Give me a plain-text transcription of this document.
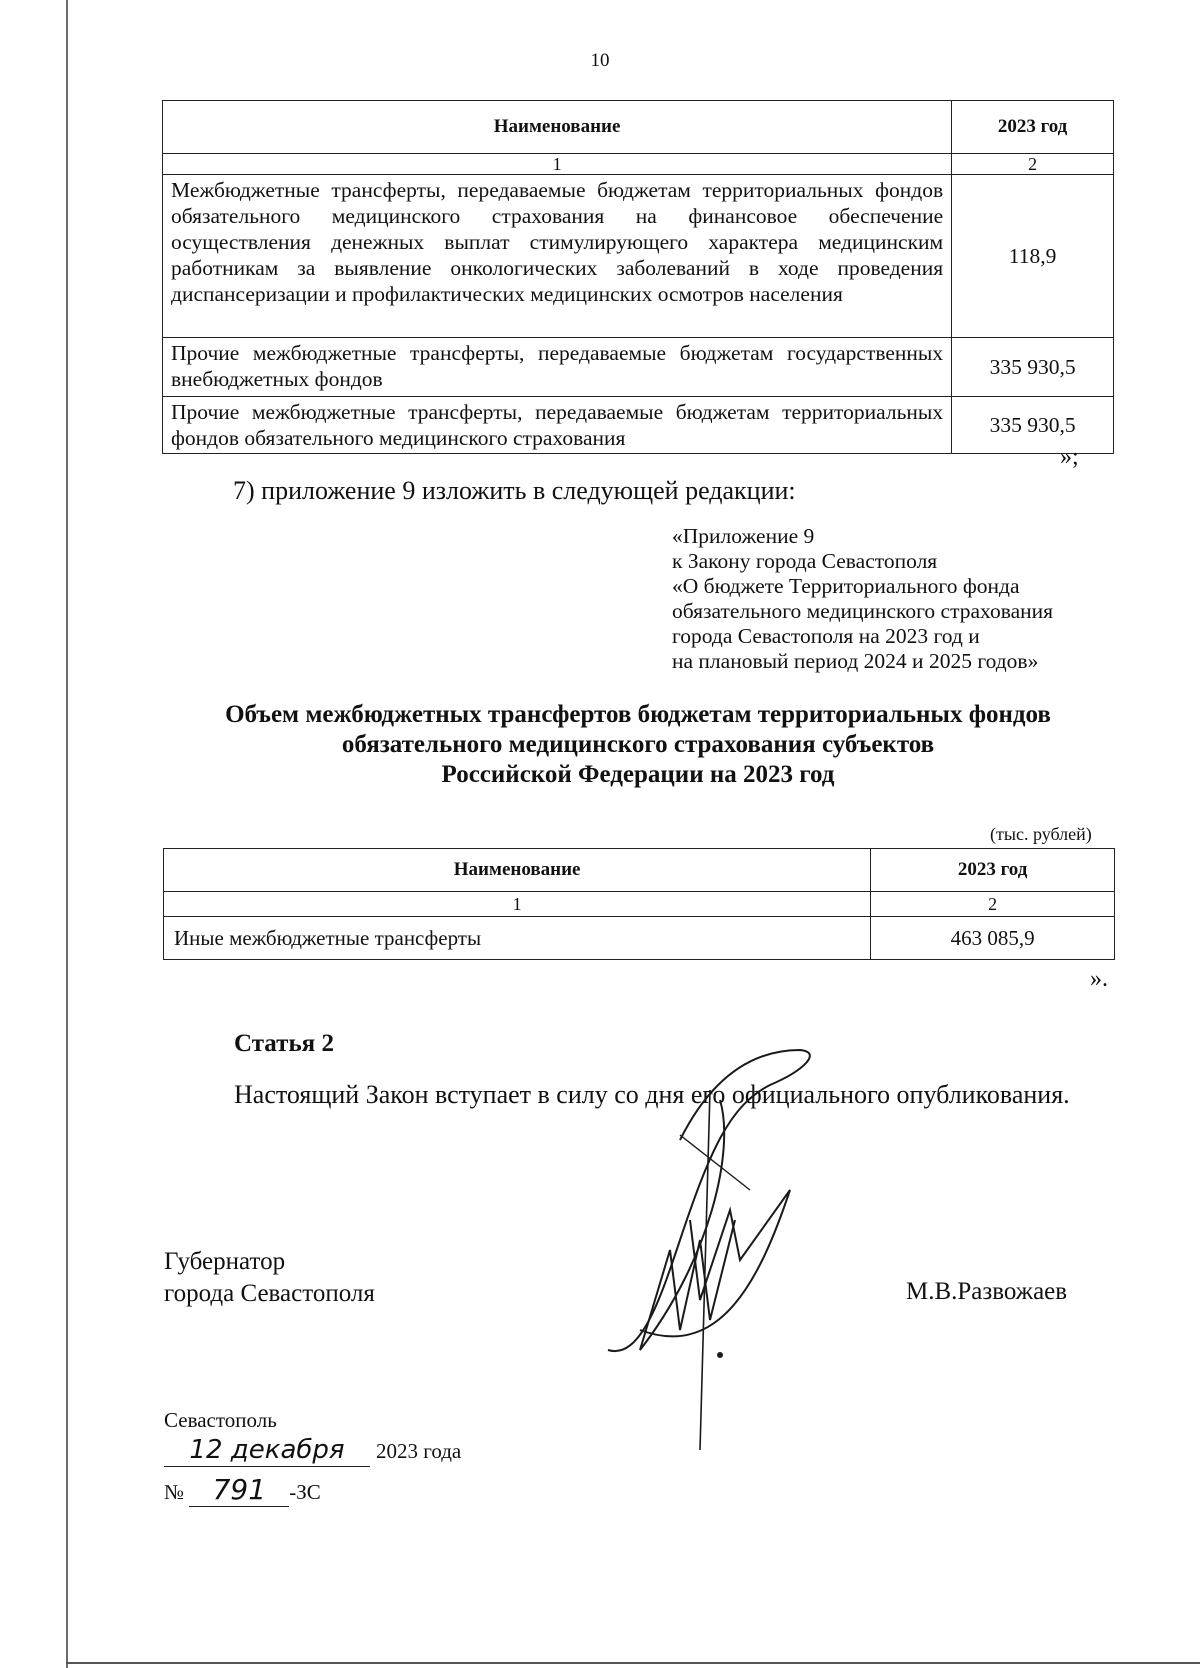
10
Наименование	2023 год
1	2
Межбюджетные трансферты, передаваемые бюджетам территориальных фондов обязательного медицинского страхования на финансовое обеспечение осуществления денежных выплат стимулирующего характера медицинским работникам за выявление онкологических заболеваний в ходе проведения диспансеризации и профилактических медицинских осмотров населения	118,9
Прочие межбюджетные трансферты, передаваемые бюджетам государственных внебюджетных фондов	335 930,5
Прочие межбюджетные трансферты, передаваемые бюджетам территориальных фондов обязательного медицинского страхования	335 930,5
»;
7) приложение 9 изложить в следующей редакции:
«Приложение 9
к Закону города Севастополя
«О бюджете Территориального фонда
обязательного медицинского страхования
города Севастополя на 2023 год и
на плановый период 2024 и 2025 годов»
Объем межбюджетных трансфертов бюджетам территориальных фондов
обязательного медицинского страхования субъектов
Российской Федерации на 2023 год
(тыс. рублей)
Наименование	2023 год
1	2
Иные межбюджетные трансферты	463 085,9
».
Статья 2
Настоящий Закон вступает в силу со дня его официального опубликования.
Губернатор
города Севастополя	М.В.Развожаев
Севастополь
12 декабря 2023 года
№ 791 -ЗС
